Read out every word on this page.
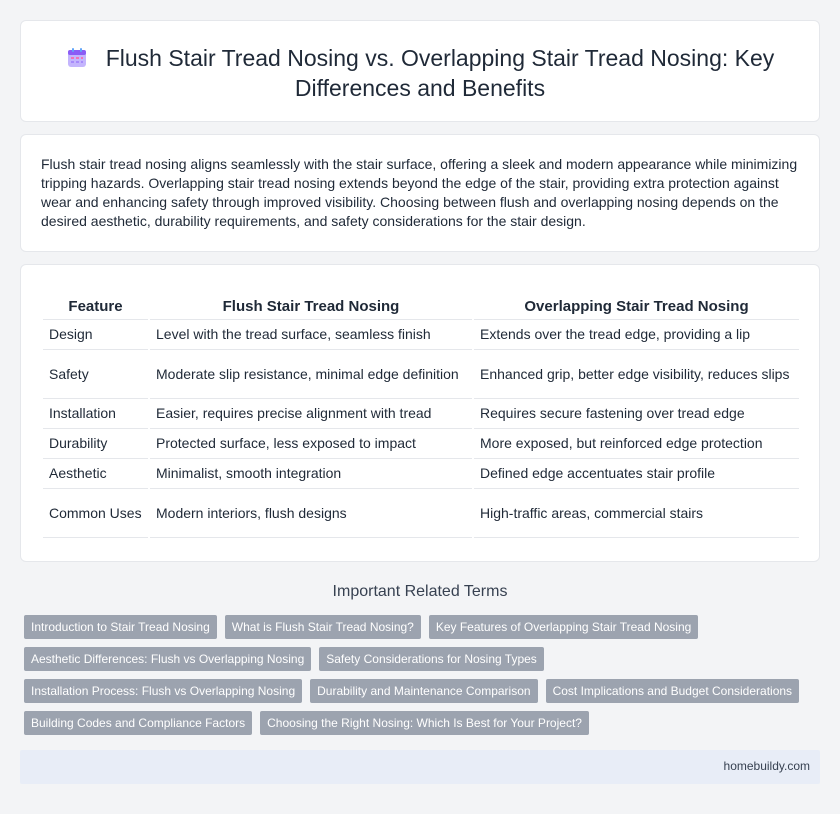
Flush Stair Tread Nosing vs. Overlapping Stair Tread Nosing: Key
Differences and Benefits

Flush stair tread nosing aligns seamlessly with the stair surface, offering a sleek and modern appearance while minimizing tripping hazards. Overlapping stair tread nosing extends beyond the edge of the stair, providing extra protection against wear and enhancing safety through improved visibility. Choosing between flush and overlapping nosing depends on the desired aesthetic, durability requirements, and safety considerations for the stair design.

Feature	Flush Stair Tread Nosing	Overlapping Stair Tread Nosing
Design	Level with the tread surface, seamless finish	Extends over the tread edge, providing a lip
Safety	Moderate slip resistance, minimal edge definition	Enhanced grip, better edge visibility, reduces slips
Installation	Easier, requires precise alignment with tread	Requires secure fastening over tread edge
Durability	Protected surface, less exposed to impact	More exposed, but reinforced edge protection
Aesthetic	Minimalist, smooth integration	Defined edge accentuates stair profile
Common Uses	Modern interiors, flush designs	High-traffic areas, commercial stairs
Important Related Terms
Introduction to Stair Tread Nosing	What is Flush Stair Tread Nosing?	Key Features of Overlapping Stair Tread Nosing
Aesthetic Differences: Flush vs Overlapping Nosing	Safety Considerations for Nosing Types
Installation Process: Flush vs Overlapping Nosing	Durability and Maintenance Comparison	Cost Implications and Budget Considerations
Building Codes and Compliance Factors	Choosing the Right Nosing: Which Is Best for Your Project?
homebuildy.com
